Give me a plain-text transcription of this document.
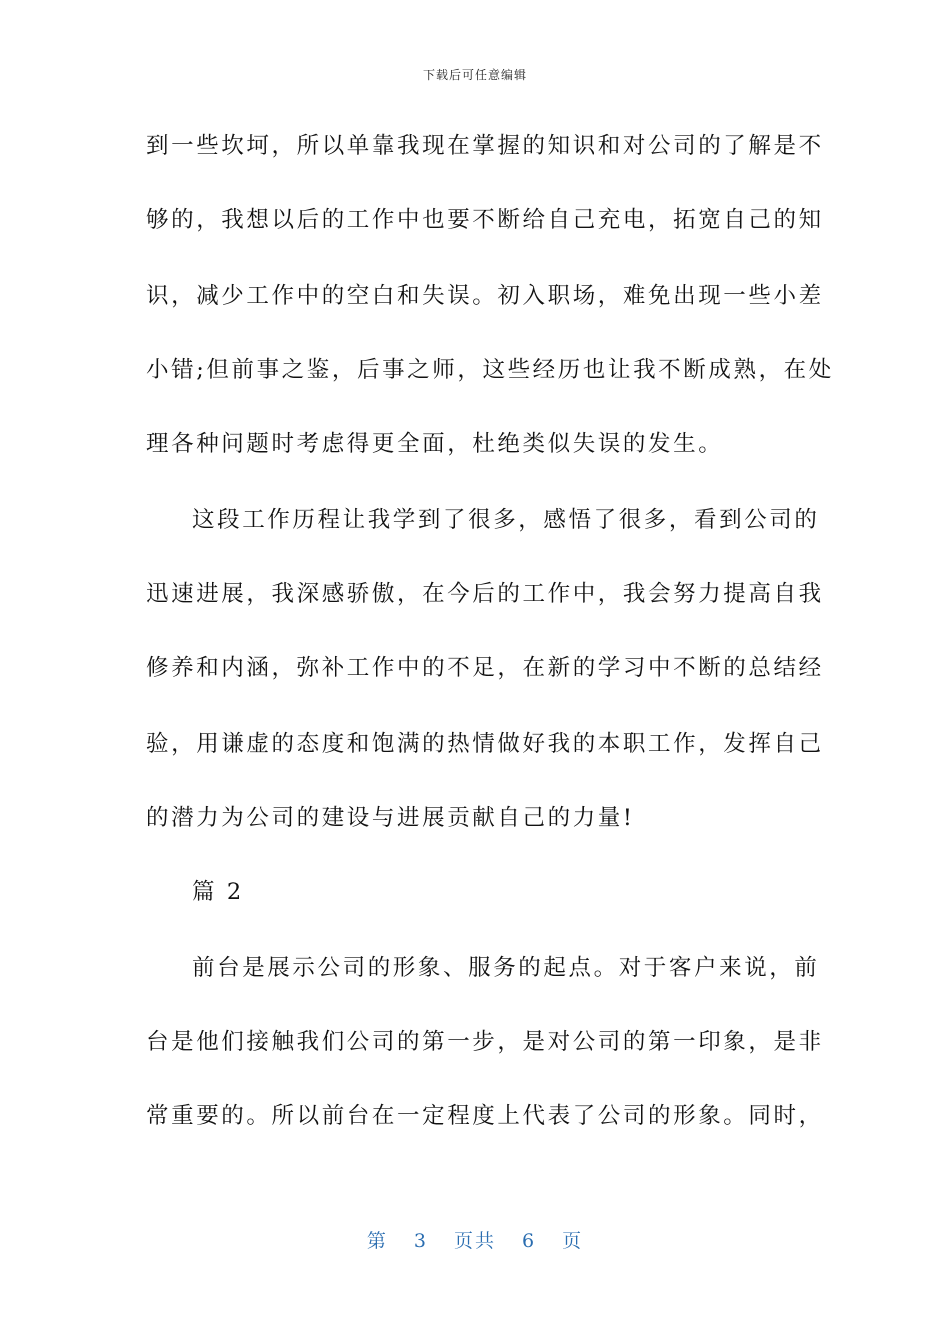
下载后可任意编辑
到一些坎坷，所以单靠我现在掌握的知识和对公司的了解是不
够的，我想以后的工作中也要不断给自己充电，拓宽自己的知
识，减少工作中的空白和失误。初入职场，难免出现一些小差
小错;但前事之鉴，后事之师，这些经历也让我不断成熟，在处
理各种问题时考虑得更全面，杜绝类似失误的发生。
这段工作历程让我学到了很多，感悟了很多，看到公司的
迅速进展，我深感骄傲，在今后的工作中，我会努力提高自我
修养和内涵，弥补工作中的不足，在新的学习中不断的总结经
验，用谦虚的态度和饱满的热情做好我的本职工作，发挥自己
的潜力为公司的建设与进展贡献自己的力量!
篇 2
前台是展示公司的形象、服务的起点。对于客户来说，前
台是他们接触我们公司的第一步，是对公司的第一印象，是非
常重要的。所以前台在一定程度上代表了公司的形象。同时，
第 3 页共 6 页
